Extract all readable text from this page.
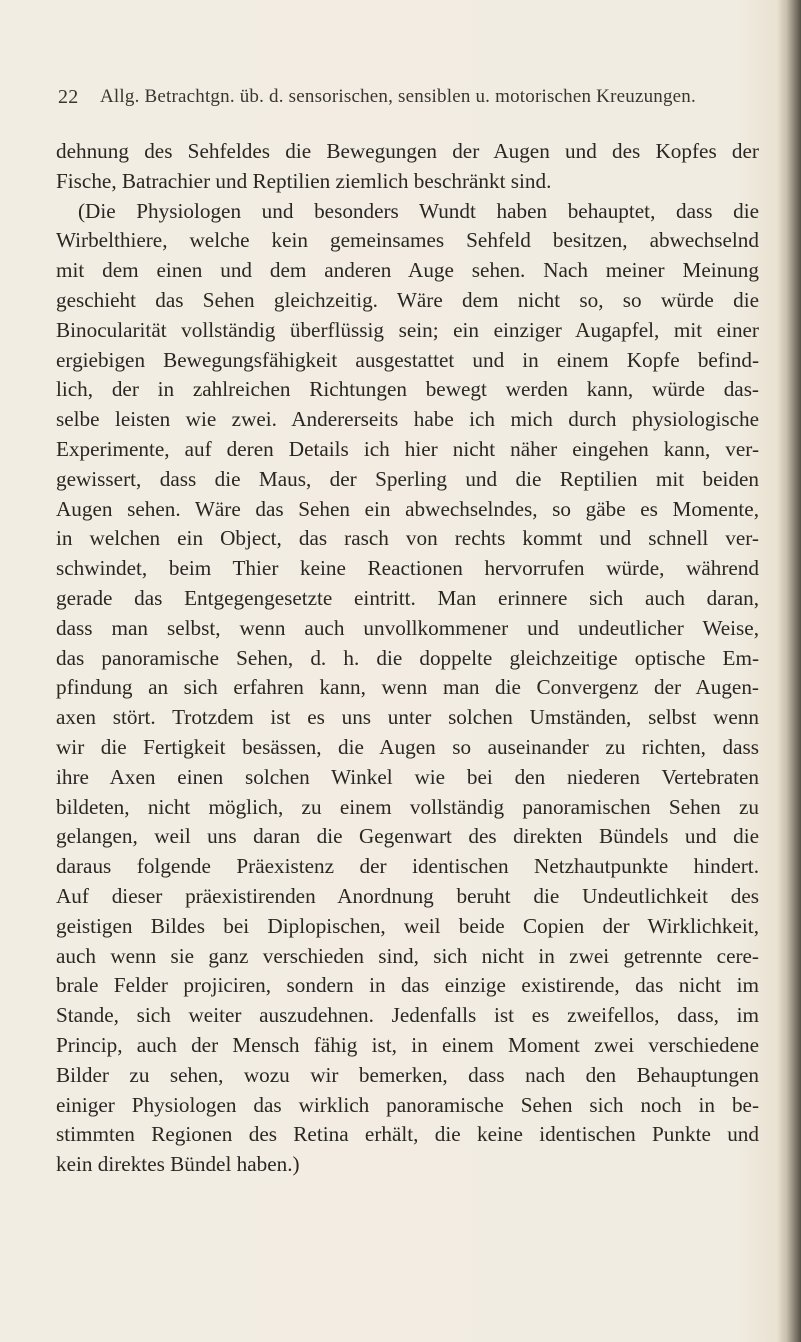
22 Allg. Betrachtgn. üb. d. sensorischen, sensiblen u. motorischen Kreuzungen.
dehnung des Sehfeldes die Bewegungen der Augen und des Kopfes der
Fische, Batrachier und Reptilien ziemlich beschränkt sind.
(Die Physiologen und besonders Wundt haben behauptet, dass die
Wirbelthiere, welche kein gemeinsames Sehfeld besitzen, abwechselnd
mit dem einen und dem anderen Auge sehen. Nach meiner Meinung
geschieht das Sehen gleichzeitig. Wäre dem nicht so, so würde die
Binocularität vollständig überflüssig sein; ein einziger Augapfel, mit einer
ergiebigen Bewegungsfähigkeit ausgestattet und in einem Kopfe befind-
lich, der in zahlreichen Richtungen bewegt werden kann, würde das-
selbe leisten wie zwei. Andererseits habe ich mich durch physiologische
Experimente, auf deren Details ich hier nicht näher eingehen kann, ver-
gewissert, dass die Maus, der Sperling und die Reptilien mit beiden
Augen sehen. Wäre das Sehen ein abwechselndes, so gäbe es Momente,
in welchen ein Object, das rasch von rechts kommt und schnell ver-
schwindet, beim Thier keine Reactionen hervorrufen würde, während
gerade das Entgegengesetzte eintritt. Man erinnere sich auch daran,
dass man selbst, wenn auch unvollkommener und undeutlicher Weise,
das panoramische Sehen, d. h. die doppelte gleichzeitige optische Em-
pfindung an sich erfahren kann, wenn man die Convergenz der Augen-
axen stört. Trotzdem ist es uns unter solchen Umständen, selbst wenn
wir die Fertigkeit besässen, die Augen so auseinander zu richten, dass
ihre Axen einen solchen Winkel wie bei den niederen Vertebraten
bildeten, nicht möglich, zu einem vollständig panoramischen Sehen zu
gelangen, weil uns daran die Gegenwart des direkten Bündels und die
daraus folgende Präexistenz der identischen Netzhautpunkte hindert.
Auf dieser präexistirenden Anordnung beruht die Undeutlichkeit des
geistigen Bildes bei Diplopischen, weil beide Copien der Wirklichkeit,
auch wenn sie ganz verschieden sind, sich nicht in zwei getrennte cere-
brale Felder projiciren, sondern in das einzige existirende, das nicht im
Stande, sich weiter auszudehnen. Jedenfalls ist es zweifellos, dass, im
Princip, auch der Mensch fähig ist, in einem Moment zwei verschiedene
Bilder zu sehen, wozu wir bemerken, dass nach den Behauptungen
einiger Physiologen das wirklich panoramische Sehen sich noch in be-
stimmten Regionen des Retina erhält, die keine identischen Punkte und
kein direktes Bündel haben.)
